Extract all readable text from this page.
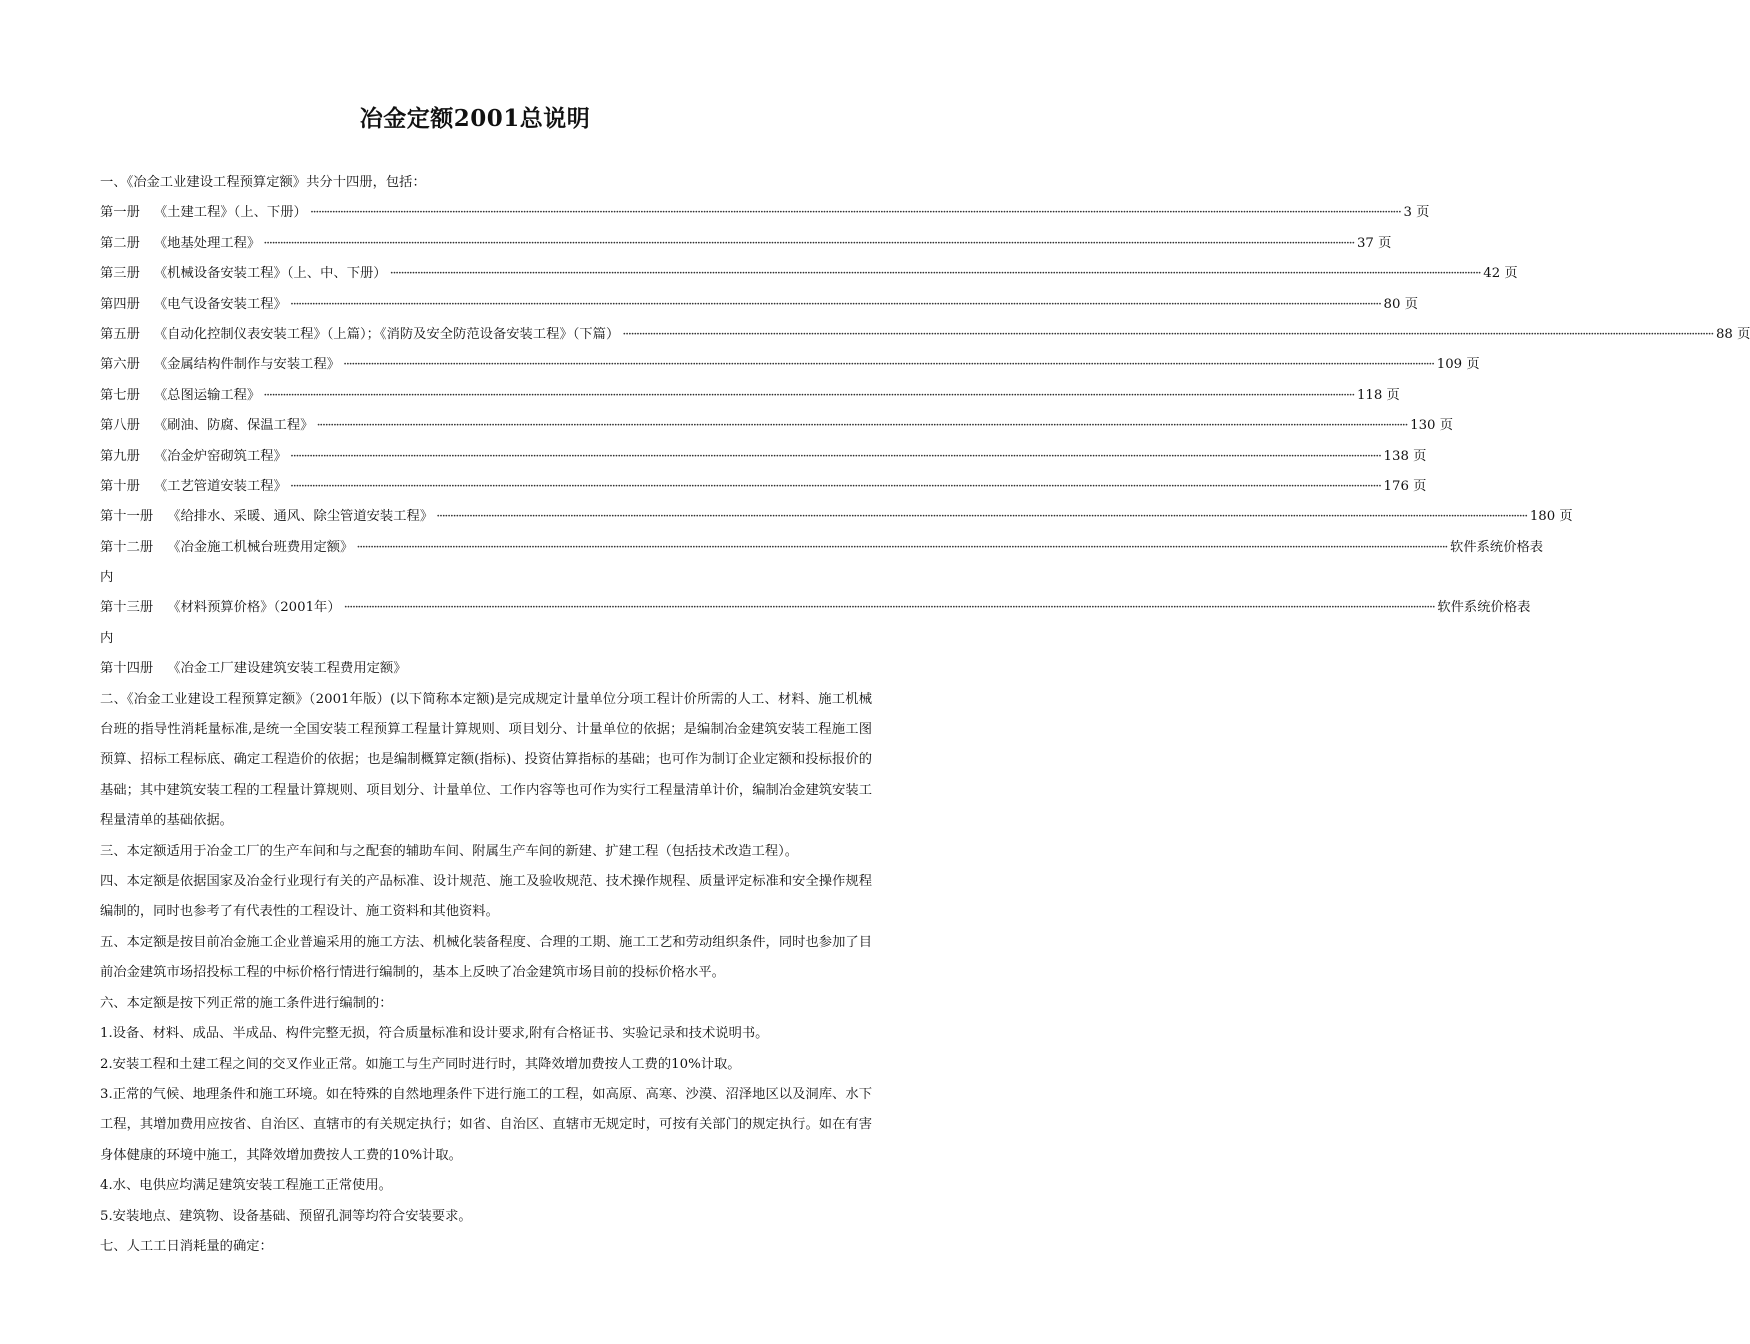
冶金定额2001总说明
一、《冶金工业建设工程预算定额》共分十四册，包括：
第一册 《土建工程》（上、下册） ················································································································································································································································································································································································································ 3 页
第二册 《地基处理工程》 ················································································································································································································································································································································································································ 37 页
第三册 《机械设备安装工程》（上、中、下册） ················································································································································································································································································································································································································ 42 页
第四册 《电气设备安装工程》 ················································································································································································································································································································································································································ 80 页
第五册 《自动化控制仪表安装工程》（上篇）；《消防及安全防范设备安装工程》（下篇） ················································································································································································································································································································································································································ 88 页
第六册 《金属结构件制作与安装工程》 ················································································································································································································································································································································································································ 109 页
第七册 《总图运输工程》 ················································································································································································································································································································································································································ 118 页
第八册 《刷油、防腐、保温工程》 ················································································································································································································································································································································································································ 130 页
第九册 《冶金炉窑砌筑工程》 ················································································································································································································································································································································································································ 138 页
第十册 《工艺管道安装工程》 ················································································································································································································································································································································································································ 176 页
第十一册 《给排水、采暖、通风、除尘管道安装工程》 ················································································································································································································································································································································································································ 180 页
第十二册 《冶金施工机械台班费用定额》 ················································································································································································································································································································································································································ 软件系统价格表
内
第十三册 《材料预算价格》（2001年） ················································································································································································································································································································································································································ 软件系统价格表
内
第十四册 《冶金工厂建设建筑安装工程费用定额》
二、《冶金工业建设工程预算定额》（2001年版）(以下简称本定额)是完成规定计量单位分项工程计价所需的人工、材料、施工机械台班的指导性消耗量标准,是统一全国安装工程预算工程量计算规则、项目划分、计量单位的依据；是编制冶金建筑安装工程施工图预算、招标工程标底、确定工程造价的依据；也是编制概算定额(指标)、投资估算指标的基础；也可作为制订企业定额和投标报价的基础；其中建筑安装工程的工程量计算规则、项目划分、计量单位、工作内容等也可作为实行工程量清单计价，编制冶金建筑安装工程量清单的基础依据。
三、本定额适用于冶金工厂的生产车间和与之配套的辅助车间、附属生产车间的新建、扩建工程（包括技术改造工程）。
四、本定额是依据国家及冶金行业现行有关的产品标准、设计规范、施工及验收规范、技术操作规程、质量评定标准和安全操作规程编制的，同时也参考了有代表性的工程设计、施工资料和其他资料。
五、本定额是按目前冶金施工企业普遍采用的施工方法、机械化装备程度、合理的工期、施工工艺和劳动组织条件，同时也参加了目前冶金建筑市场招投标工程的中标价格行情进行编制的，基本上反映了冶金建筑市场目前的投标价格水平。
六、本定额是按下列正常的施工条件进行编制的：
1.设备、材料、成品、半成品、构件完整无损，符合质量标准和设计要求,附有合格证书、实验记录和技术说明书。
2.安装工程和土建工程之间的交叉作业正常。如施工与生产同时进行时，其降效增加费按人工费的10%计取。
3.正常的气候、地理条件和施工环境。如在特殊的自然地理条件下进行施工的工程，如高原、高寒、沙漠、沼泽地区以及洞库、水下工程，其增加费用应按省、自治区、直辖市的有关规定执行；如省、自治区、直辖市无规定时，可按有关部门的规定执行。如在有害身体健康的环境中施工，其降效增加费按人工费的10%计取。
4.水、电供应均满足建筑安装工程施工正常使用。
5.安装地点、建筑物、设备基础、预留孔洞等均符合安装要求。
七、人工工日消耗量的确定：
